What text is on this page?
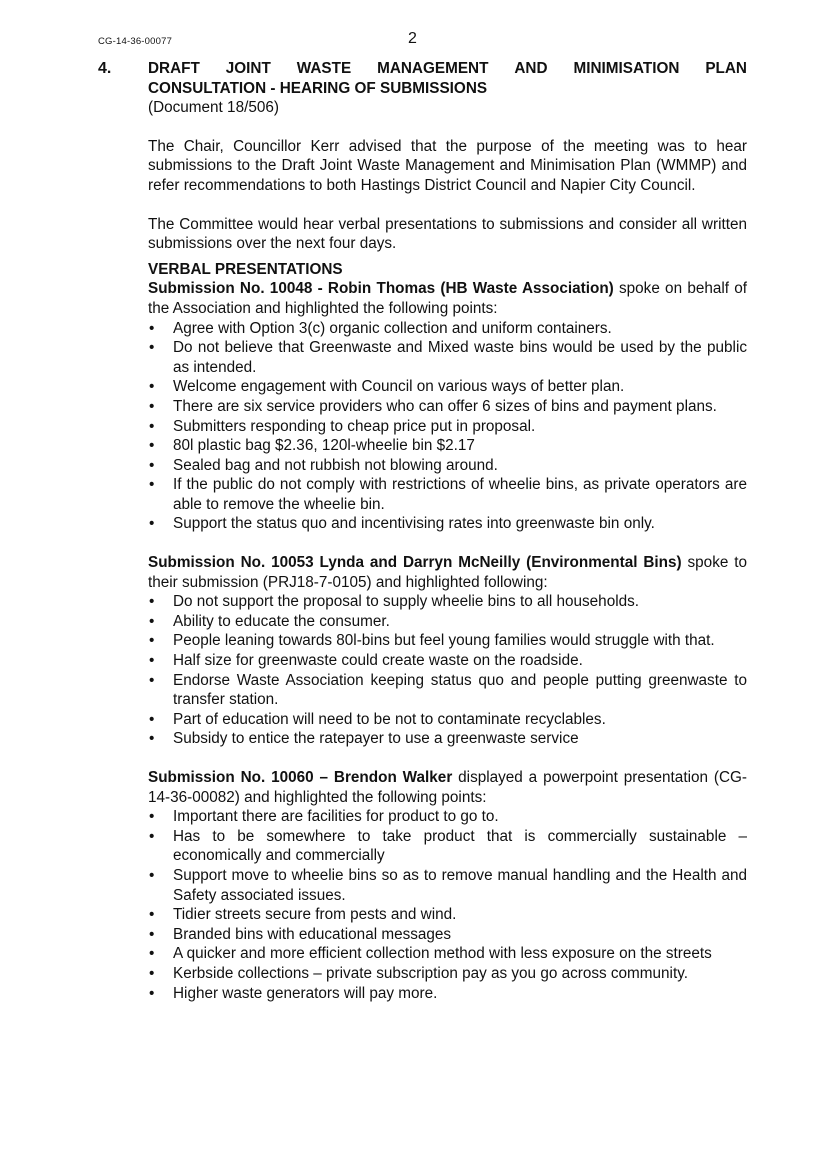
CG-14-36-00077	2
4. DRAFT JOINT WASTE MANAGEMENT AND MINIMISATION PLAN
CONSULTATION - HEARING OF SUBMISSIONS
(Document 18/506)

The Chair, Councillor Kerr advised that the purpose of the meeting was to hear submissions to the Draft Joint Waste Management and Minimisation Plan (WMMP) and refer recommendations to both Hastings District Council and Napier City Council.

The Committee would hear verbal presentations to submissions and consider all written submissions over the next four days.

VERBAL PRESENTATIONS

Submission No. 10048 - Robin Thomas (HB Waste Association) spoke on behalf of the Association and highlighted the following points:

• Agree with Option 3(c) organic collection and uniform containers.
• Do not believe that Greenwaste and Mixed waste bins would be used by the public as intended.
• Welcome engagement with Council on various ways of better plan.
• There are six service providers who can offer 6 sizes of bins and payment plans.
• Submitters responding to cheap price put in proposal.
• 80l plastic bag $2.36, 120l-wheelie bin $2.17
• Sealed bag and not rubbish not blowing around.
• If the public do not comply with restrictions of wheelie bins, as private operators are able to remove the wheelie bin.
• Support the status quo and incentivising rates into greenwaste bin only.

Submission No. 10053 Lynda and Darryn McNeilly (Environmental Bins) spoke to their submission (PRJ18-7-0105) and highlighted following:

• Do not support the proposal to supply wheelie bins to all households.
• Ability to educate the consumer.
• People leaning towards 80l-bins but feel young families would struggle with that.
• Half size for greenwaste could create waste on the roadside.
• Endorse Waste Association keeping status quo and people putting greenwaste to transfer station.
• Part of education will need to be not to contaminate recyclables.
• Subsidy to entice the ratepayer to use a greenwaste service

Submission No. 10060 – Brendon Walker displayed a powerpoint presentation (CG-14-36-00082) and highlighted the following points:

• Important there are facilities for product to go to.
• Has to be somewhere to take product that is commercially sustainable – economically and commercially
• Support move to wheelie bins so as to remove manual handling and the Health and Safety associated issues.
• Tidier streets secure from pests and wind.
• Branded bins with educational messages
• A quicker and more efficient collection method with less exposure on the streets
• Kerbside collections – private subscription pay as you go across community.
• Higher waste generators will pay more.
